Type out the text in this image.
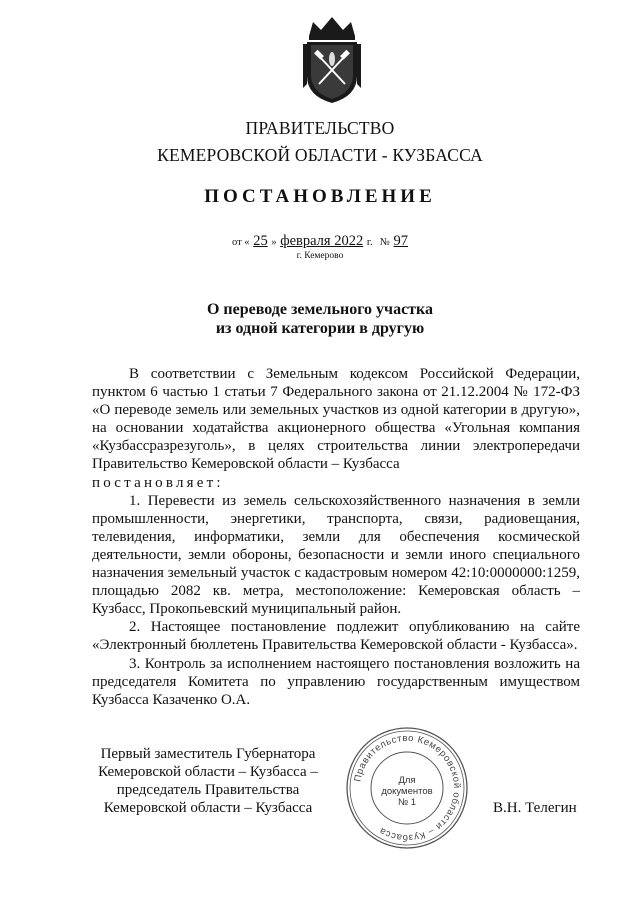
ПРАВИТЕЛЬСТВО
КЕМЕРОВСКОЙ ОБЛАСТИ - КУЗБАССА
ПОСТАНОВЛЕНИЕ
от « 25 » февраля 2022 г. № 97
г. Кемерово
О переводе земельного участка
из одной категории в другую

В соответствии с Земельным кодексом Российской Федерации, пунктом 6 частью 1 статьи 7 Федерального закона от 21.12.2004 № 172-ФЗ «О переводе земель или земельных участков из одной категории в другую», на основании ходатайства акционерного общества «Угольная компания «Кузбассразрезуголь», в целях строительства линии электропередачи Правительство Кемеровской области – Кузбасса

постановляет:

1. Перевести из земель сельскохозяйственного назначения в земли промышленности, энергетики, транспорта, связи, радиовещания, телевидения, информатики, земли для обеспечения космической деятельности, земли обороны, безопасности и земли иного специального назначения земельный участок с кадастровым номером 42:10:0000000:1259, площадью 2082 кв. метра, местоположение: Кемеровская область – Кузбасс, Прокопьевский муниципальный район.

2. Настоящее постановление подлежит опубликованию на сайте «Электронный бюллетень Правительства Кемеровской области - Кузбасса».

3. Контроль за исполнением настоящего постановления возложить на председателя Комитета по управлению государственным имуществом Кузбасса Казаченко О.А.

Первый заместитель Губернатора
Кемеровской области – Кузбасса –
председатель Правительства
Кемеровской области – Кузбасса
Правительство Кемеровской области – Кузбасса
Для
документов
№ 1	В.Н. Телегин
